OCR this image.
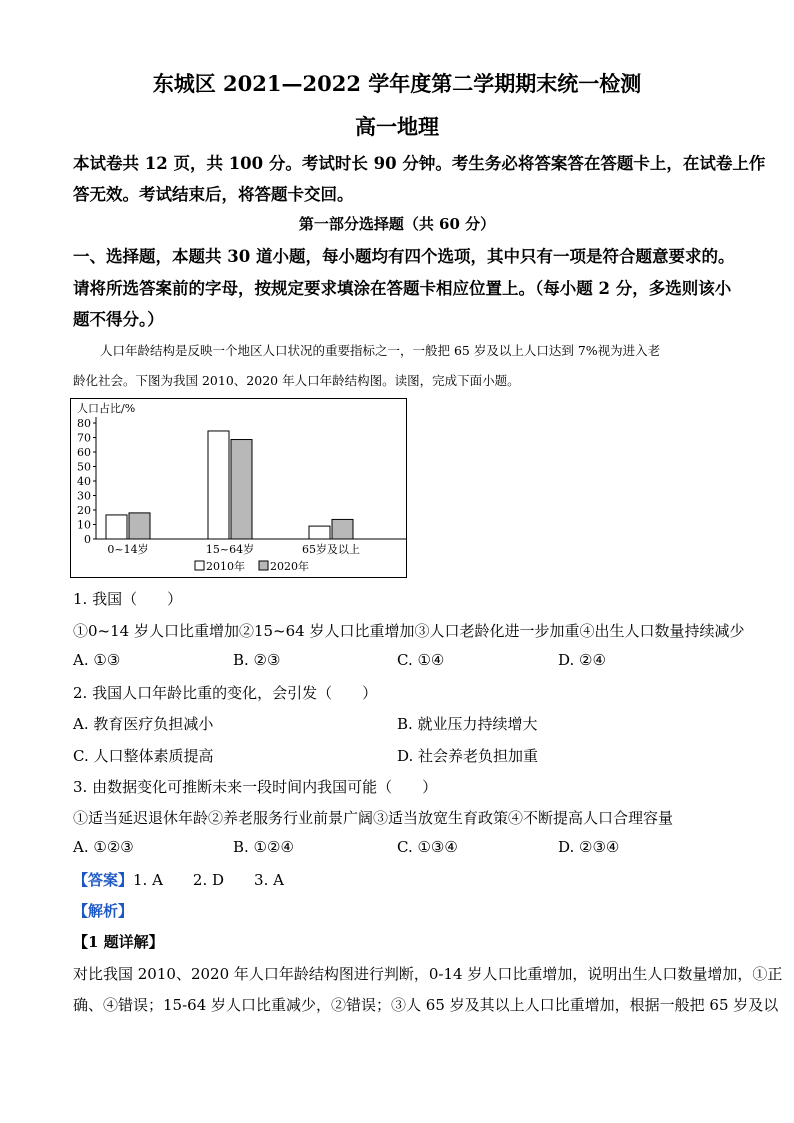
东城区 2021—2022 学年度第二学期期末统一检测
高一地理
本试卷共 12 页，共 100 分。考试时长 90 分钟。考生务必将答案答在答题卡上，在试卷上作
答无效。考试结束后，将答题卡交回。
第一部分选择题（共 60 分）
一、选择题，本题共 30 道小题，每小题均有四个选项，其中只有一项是符合题意要求的。
请将所选答案前的字母，按规定要求填涂在答题卡相应位置上。（每小题 2 分，多选则该小
题不得分。）
人口年龄结构是反映一个地区人口状况的重要指标之一，一般把 65 岁及以上人口达到 7%视为进入老
龄化社会。下图为我国 2010、2020 年人口年龄结构图。读图，完成下面小题。
人口占比/%
0
10
20
30
40
50
60
70
80
0~14岁	15~64岁	65岁及以上
2010年 2020年
1. 我国（　　）
①0~14 岁人口比重增加②15~64 岁人口比重增加③人口老龄化进一步加重④出生人口数量持续减少
A. ①③	B. ②③	C. ①④	D. ②④
2. 我国人口年龄比重的变化，会引发（　　）
A. 教育医疗负担减小	B. 就业压力持续增大
C. 人口整体素质提高	D. 社会养老负担加重
3. 由数据变化可推断未来一段时间内我国可能（　　）
①适当延迟退休年龄②养老服务行业前景广阔③适当放宽生育政策④不断提高人口合理容量
A. ①②③	B. ①②④	C. ①③④	D. ②③④
【答案】1. A　　2. D　　3. A
【解析】
【1 题详解】
对比我国 2010、2020 年人口年龄结构图进行判断，0-14 岁人口比重增加，说明出生人口数量增加，①正
确、④错误；15-64 岁人口比重减少，②错误；③人 65 岁及其以上人口比重增加，根据一般把 65 岁及以
